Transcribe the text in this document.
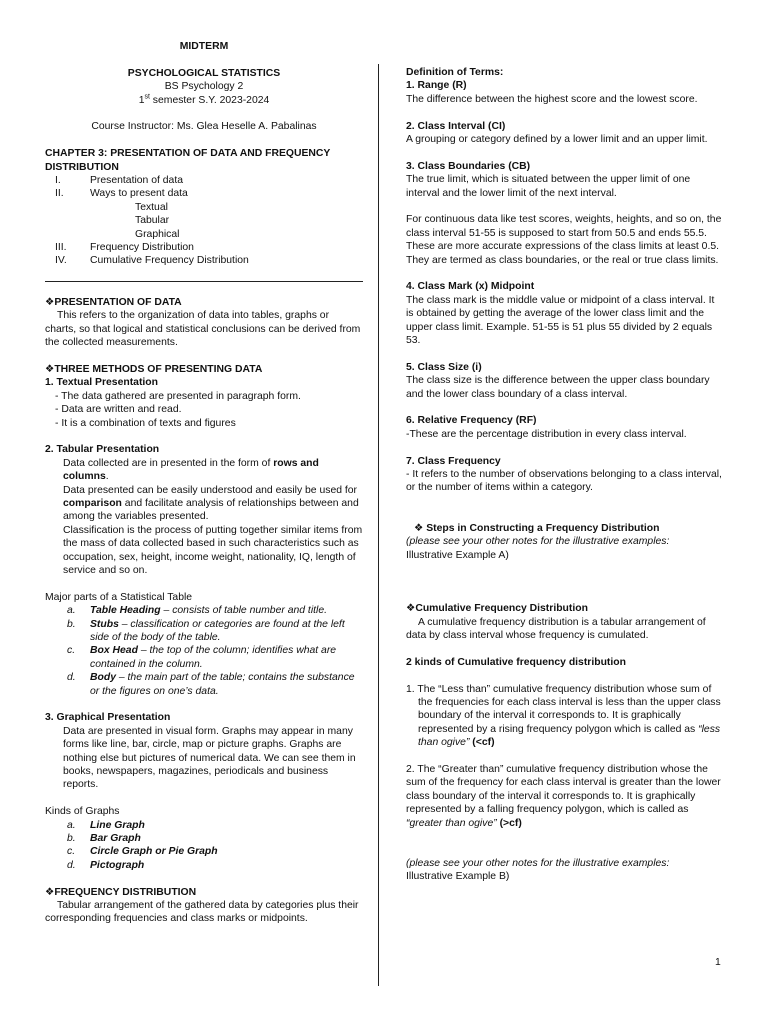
MIDTERM
PSYCHOLOGICAL STATISTICS
BS Psychology 2
1st semester S.Y. 2023-2024
Course Instructor: Ms. Glea Heselle A. Pabalinas
CHAPTER 3: PRESENTATION OF DATA AND FREQUENCY DISTRIBUTION
I.	Presentation of data
II.	Ways to present data
Textual
Tabular
Graphical
III.	Frequency Distribution
IV.	Cumulative Frequency Distribution
❖PRESENTATION OF DATA
This refers to the organization of data into tables, graphs or charts, so that logical and statistical conclusions can be derived from the collected measurements.
❖THREE METHODS OF PRESENTING DATA
1. Textual Presentation
- The data gathered are presented in paragraph form.
- Data are written and read.
- It is a combination of texts and figures
2. Tabular Presentation
Data collected are in presented in the form of rows and columns.
Data presented can be easily understood and easily be used for comparison and facilitate analysis of relationships between and among the variables presented.
Classification is the process of putting together similar items from the mass of data collected based in such characteristics such as occupation, sex, height, income weight, nationality, IQ, length of service and so on.
Major parts of a Statistical Table
a.	Table Heading – consists of table number and title.
b.	Stubs – classification or categories are found at the left side of the body of the table.
c.	Box Head – the top of the column; identifies what are contained in the column.
d.	Body – the main part of the table; contains the substance or the figures on one’s data.
3. Graphical Presentation
Data are presented in visual form. Graphs may appear in many forms like line, bar, circle, map or picture graphs. Graphs are nothing else but pictures of numerical data. We can see them in books, newspapers, magazines, periodicals and business reports.
Kinds of Graphs
a.	Line Graph
b.	Bar Graph
c.	Circle Graph or Pie Graph
d.	Pictograph
❖FREQUENCY DISTRIBUTION
Tabular arrangement of the gathered data by categories plus their corresponding frequencies and class marks or midpoints.
Definition of Terms:
1. Range (R)
The difference between the highest score and the lowest score.
2. Class Interval (CI)
A grouping or category defined by a lower limit and an upper limit.
3. Class Boundaries (CB)
The true limit, which is situated between the upper limit of one interval and the lower limit of the next interval.
For continuous data like test scores, weights, heights, and so on, the class interval 51-55 is supposed to start from 50.5 and ends 55.5. These are more accurate expressions of the class limits at least 0.5. They are termed as class boundaries, or the real or true class limits.
4. Class Mark (x) Midpoint
The class mark is the middle value or midpoint of a class interval. It is obtained by getting the average of the lower class limit and the upper class limit. Example. 51-55 is 51 plus 55 divided by 2 equals 53.
5. Class Size (i)
The class size is the difference between the upper class boundary and the lower class boundary of a class interval.
6. Relative Frequency (RF)
-These are the percentage distribution in every class interval.
7. Class Frequency
- It refers to the number of observations belonging to a class interval, or the number of items within a category.
❖ Steps in Constructing a Frequency Distribution
(please see your other notes for the illustrative examples:
Illustrative Example A)
❖Cumulative Frequency Distribution
A cumulative frequency distribution is a tabular arrangement of data by class interval whose frequency is cumulated.
2 kinds of Cumulative frequency distribution
1. The “Less than” cumulative frequency distribution whose sum of the frequencies for each class interval is less than the upper class boundary of the interval it corresponds to. It is graphically represented by a rising frequency polygon which is called as “less than ogive” (<cf)
2. The “Greater than” cumulative frequency distribution whose the sum of the frequency for each class interval is greater than the lower class boundary of the interval it corresponds to. It is graphically represented by a falling frequency polygon, which is called as “greater than ogive” (>cf)
(please see your other notes for the illustrative examples:
Illustrative Example B)
1
